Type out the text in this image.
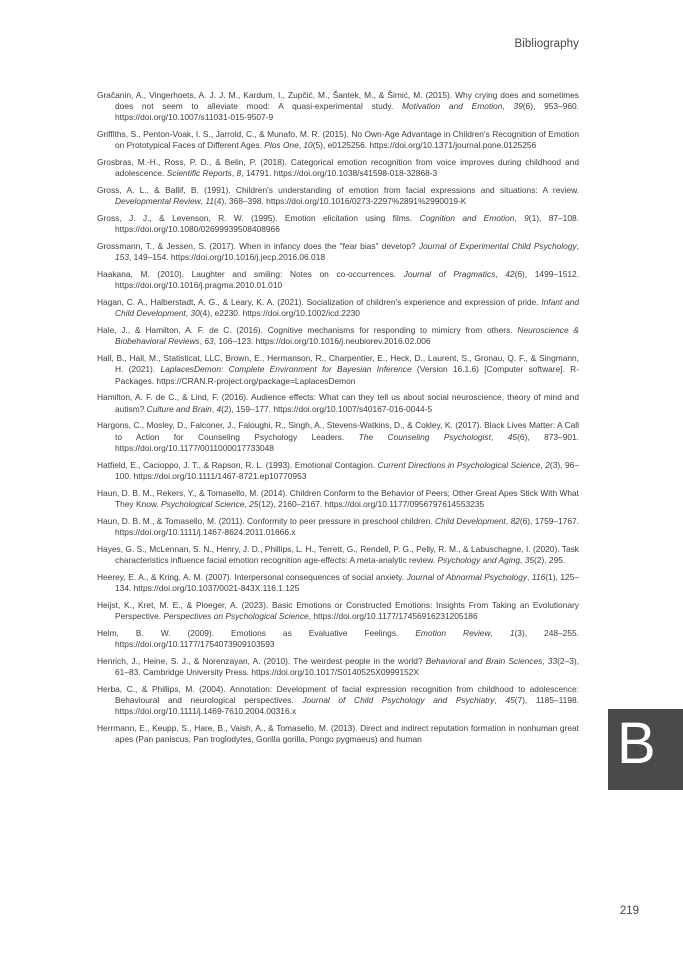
Bibliography

Gračanin, A., Vingerhoets, A. J. J. M., Kardum, I., Zupčić, M., Šantek, M., & Šimić, M. (2015). Why crying does and sometimes does not seem to alleviate mood: A quasi-experimental study. Motivation and Emotion, 39(6), 953–960. https://doi.org/10.1007/s11031-015-9507-9

Griffiths, S., Penton-Voak, I. S., Jarrold, C., & Munafo, M. R. (2015). No Own-Age Advantage in Children's Recognition of Emotion on Prototypical Faces of Different Ages. Plos One, 10(5), e0125256. https://doi.org/10.1371/journal.pone.0125256

Grosbras, M.-H., Ross, P. D., & Belin, P. (2018). Categorical emotion recognition from voice improves during childhood and adolescence. Scientific Reports, 8, 14791. https://doi.org/10.1038/s41598-018-32868-3

Gross, A. L., & Ballif, B. (1991). Children's understanding of emotion from facial expressions and situations: A review. Developmental Review, 11(4), 368–398. https://doi.org/10.1016/0273-2297%2891%2990019-K

Gross, J. J., & Levenson, R. W. (1995). Emotion elicitation using films. Cognition and Emotion, 9(1), 87–108. https://doi.org/10.1080/02699939508408966

Grossmann, T., & Jessen, S. (2017). When in infancy does the "fear bias" develop? Journal of Experimental Child Psychology, 153, 149–154. https://doi.org/10.1016/j.jecp.2016.06.018

Haakana, M. (2010). Laughter and smiling: Notes on co-occurrences. Journal of Pragmatics, 42(6), 1499–1512. https://doi.org/10.1016/j.pragma.2010.01.010

Hagan, C. A., Halberstadt, A. G., & Leary, K. A. (2021). Socialization of children's experience and expression of pride. Infant and Child Development, 30(4), e2230. https://doi.org/10.1002/icd.2230

Hale, J., & Hamilton, A. F. de C. (2016). Cognitive mechanisms for responding to mimicry from others. Neuroscience & Biobehavioral Reviews, 63, 106–123. https://doi.org/10.1016/j.neubiorev.2016.02.006

Hall, B., Hall, M., Statisticat, LLC, Brown, E., Hermanson, R., Charpentier, E., Heck, D., Laurent, S., Gronau, Q. F., & Singmann, H. (2021). LaplacesDemon: Complete Environment for Bayesian Inference (Version 16.1.6) [Computer software]. R-Packages. https://CRAN.R-project.org/package=LaplacesDemon

Hamilton, A. F. de C., & Lind, F. (2016). Audience effects: What can they tell us about social neuroscience, theory of mind and autism? Culture and Brain, 4(2), 159–177. https://doi.org/10.1007/s40167-016-0044-5

Hargons, C., Mosley, D., Falconer, J., Faloughi, R., Singh, A., Stevens-Watkins, D., & Cokley, K. (2017). Black Lives Matter: A Call to Action for Counseling Psychology Leaders. The Counseling Psychologist, 45(6), 873–901. https://doi.org/10.1177/0011000017733048

Hatfield, E., Cacioppo, J. T., & Rapson, R. L. (1993). Emotional Contagion. Current Directions in Psychological Science, 2(3), 96–100. https://doi.org/10.1111/1467-8721.ep10770953

Haun, D. B. M., Rekers, Y., & Tomasello, M. (2014). Children Conform to the Behavior of Peers; Other Great Apes Stick With What They Know. Psychological Science, 25(12), 2160–2167. https://doi.org/10.1177/0956797614553235

Haun, D. B. M., & Tomasello, M. (2011). Conformity to peer pressure in preschool children. Child Development, 82(6), 1759–1767. https://doi.org/10.1111/j.1467-8624.2011.01666.x

Hayes, G. S., McLennan, S. N., Henry, J. D., Phillips, L. H., Terrett, G., Rendell, P. G., Pelly, R. M., & Labuschagne, I. (2020). Task characteristics influence facial emotion recognition age-effects: A meta-analytic review. Psychology and Aging, 35(2), 295.

Heerey, E. A., & Kring, A. M. (2007). Interpersonal consequences of social anxiety. Journal of Abnormal Psychology, 116(1), 125–134. https://doi.org/10.1037/0021-843X.116.1.125

Heijst, K., Kret, M. E., & Ploeger, A. (2023). Basic Emotions or Constructed Emotions: Insights From Taking an Evolutionary Perspective. Perspectives on Psychological Science, https://doi.org/10.1177/17456916231205186

Helm, B. W. (2009). Emotions as Evaluative Feelings. Emotion Review, 1(3), 248–255. https://doi.org/10.1177/1754073909103593

Henrich, J., Heine, S. J., & Norenzayan, A. (2010). The weirdest people in the world? Behavioral and Brain Sciences, 33(2–3), 61–83. Cambridge University Press. https://doi.org/10.1017/S0140525X0999152X

Herba, C., & Phillips, M. (2004). Annotation: Development of facial expression recognition from childhood to adolescence: Behavioural and neurological perspectives. Journal of Child Psychology and Psychiatry, 45(7), 1185–1198. https://doi.org/10.1111/j.1469-7610.2004.00316.x

Herrmann, E., Keupp, S., Hare, B., Vaish, A., & Tomasello, M. (2013). Direct and indirect reputation formation in nonhuman great apes (Pan paniscus, Pan troglodytes, Gorilla gorilla, Pongo pygmaeus) and human	B
219
